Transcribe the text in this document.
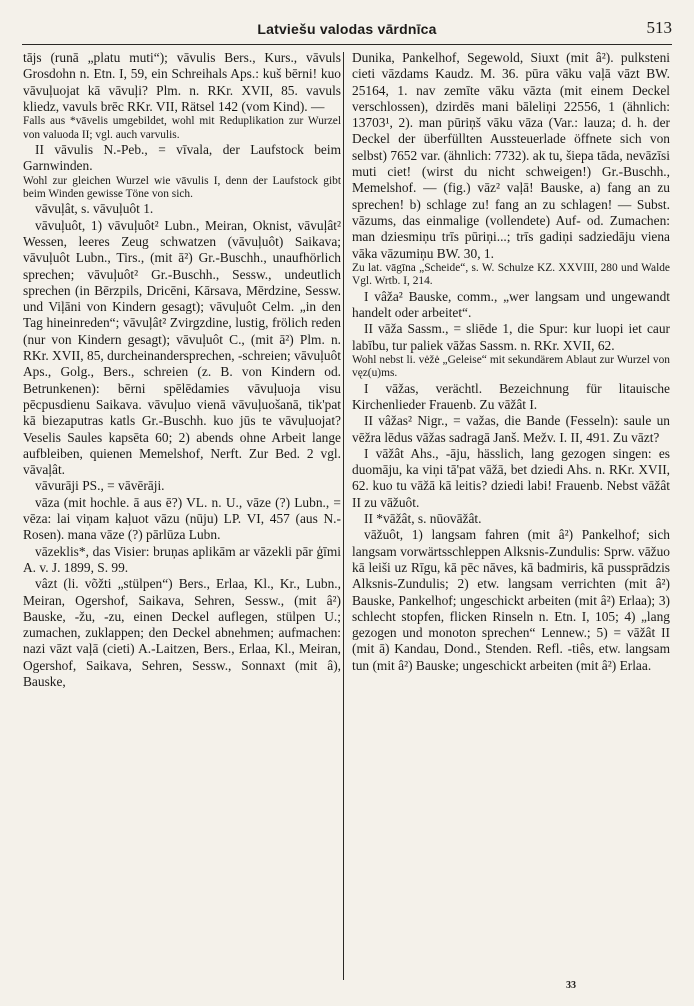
Latviešu valodas vārdnīca	513

tājs (runā „platu muti“); vāvulis Bers., Kurs., vāvuls Grosdohn n. Etn. I, 59, ein Schreihals Aps.: kuš bērni! kuo vāvuļuojat kā vāvuļi? Plm. n. RKr. XVII, 85. vavuls kliedz, vavuls brēc RKr. VII, Rätsel 142 (vom Kind). —

Falls aus *vāvelis umgebildet, wohl mit Reduplikation zur Wurzel von valuoda II; vgl. auch varvulis.

II vāvulis N.-Peb., = vīvala, der Laufstock beim Garnwinden.

Wohl zur gleichen Wurzel wie vāvulis I, denn der Laufstock gibt beim Winden gewisse Töne von sich.

vāvuļât, s. vāvuļuôt 1.

vāvuļuôt, 1) vāvuļuôt² Lubn., Meiran, Oknist, vāvuļât² Wessen, leeres Zeug schwatzen (vāvuļuôt) Saikava; vāvuļuôt Lubn., Tirs., (mit ā²) Gr.-Buschh., unaufhörlich sprechen; vāvuļuôt² Gr.-Buschh., Sessw., undeutlich sprechen (in Bērzpils, Dricēni, Kārsava, Mērdzine, Sessw. und Viļāni von Kindern gesagt); vāvuļuôt Celm. „in den Tag hineinreden“; vāvuļât² Zvirgzdine, lustig, frölich reden (nur von Kindern gesagt); vāvuļuôt C., (mit ā²) Plm. n. RKr. XVII, 85, durcheinandersprechen, -schreien; vāvuļuôt Aps., Golg., Bers., schreien (z. B. von Kindern od. Betrunkenen): bērni spēlēdamies vāvuļuoja visu pēcpusdienu Saikava. vāvuļuo vienā vāvuļuošanā, tik'pat kā biezaputras katls Gr.-Buschh. kuo jūs te vāvuļuojat? Veselis Saules kapsēta 60; 2) abends ohne Arbeit lange aufbleiben, quienen Memelshof, Nerft. Zur Bed. 2 vgl. vāvaļât.

vāvurāji PS., = vāvērāji.

vāza (mit hochle. ā aus ē?) VL. n. U., vāze (?) Lubn., = vēza: lai viņam kaļuot vāzu (nūju) LP. VI, 457 (aus N.-Rosen). mana vāze (?) pārlūza Lubn.

vāzeklis*, das Visier: bruņas aplikām ar vāzekli pār ģīmi A. v. J. 1899, S. 99.

vâzt (li. võžti „stülpen“) Bers., Erlaa, Kl., Kr., Lubn., Meiran, Ogershof, Saikava, Sehren, Sessw., (mit â²) Bauske, -žu, -zu, einen Deckel auflegen, stülpen U.; zumachen, zuklappen; den Deckel abnehmen; aufmachen: nazi vāzt vaļā (cieti) A.-Laitzen, Bers., Erlaa, Kl., Meiran, Ogershof, Saikava, Sehren, Sessw., Sonnaxt (mit â), Bauske,

Dunika, Pankelhof, Segewold, Siuxt (mit â²). pulksteni cieti vāzdams Kaudz. M. 36. pūra vāku vaļā vāzt BW. 25164, 1. nav zemīte vāku vāzta (mit einem Deckel verschlossen), dzirdēs mani bāleliņi 22556, 1 (ähnlich: 13703¹, 2). man pūriņš vāku vāza (Var.: lauza; d. h. der Deckel der überfüllten Aussteuerlade öffnete sich von selbst) 7652 var. (ähnlich: 7732). ak tu, šiepa tāda, nevāzīsi muti ciet! (wirst du nicht schweigen!) Gr.-Buschh., Memelshof. — (fig.) vāz² vaļā! Bauske, a) fang an zu sprechen! b) schlage zu! fang an zu schlagen! — Subst. vāzums, das einmalige (vollendete) Auf- od. Zumachen: man dziesmiņu trīs pūriņi...; trīs gadiņi sadziedāju viena vāka vāzumiņu BW. 30, 1.

Zu lat. vāgīna „Scheide“, s. W. Schulze KZ. XXVIII, 280 und Walde Vgl. Wrtb. I, 214.

I vâža² Bauske, comm., „wer langsam und ungewandt handelt oder arbeitet“.

II vāža Sassm., = sliēde 1, die Spur: kur luopi iet caur labību, tur paliek vāžas Sassm. n. RKr. XVII, 62.

Wohl nebst li. vėžė „Geleise“ mit sekundärem Ablaut zur Wurzel von vęz(u)ms.

I vāžas, verächtl. Bezeichnung für litauische Kirchenlieder Frauenb. Zu vāžât I.

II vâžas² Nigr., = važas, die Bande (Fesseln): saule un vēžra lēdus vāžas sadragā Janš. Mežv. I. II, 491. Zu vāzt?

I vāžât Ahs., -āju, hässlich, lang gezogen singen: es duomāju, ka viņi tā'pat vāžā, bet dziedi Ahs. n. RKr. XVII, 62. kuo tu vāžā kā leitis? dziedi labi! Frauenb. Nebst vāžât II zu vāžuôt.

II *vāžât, s. nūovāžât.

vāžuôt, 1) langsam fahren (mit â²) Pankelhof; sich langsam vorwärtsschleppen Alksnis-Zundulis: Sprw. vāžuo kā leiši uz Rīgu, kā pēc nāves, kā badmiris, kā pussprādzis Alksnis-Zundulis; 2) etw. langsam verrichten (mit â²) Bauske, Pankelhof; ungeschickt arbeiten (mit â²) Erlaa); 3) schlecht stopfen, flicken Rinseln n. Etn. I, 105; 4) „lang gezogen und monoton sprechen“ Lennew.; 5) = vāžât II (mit ā) Kandau, Dond., Stenden. Refl. -tiês, etw. langsam tun (mit â²) Bauske; ungeschickt arbeiten (mit â²) Erlaa.

33
